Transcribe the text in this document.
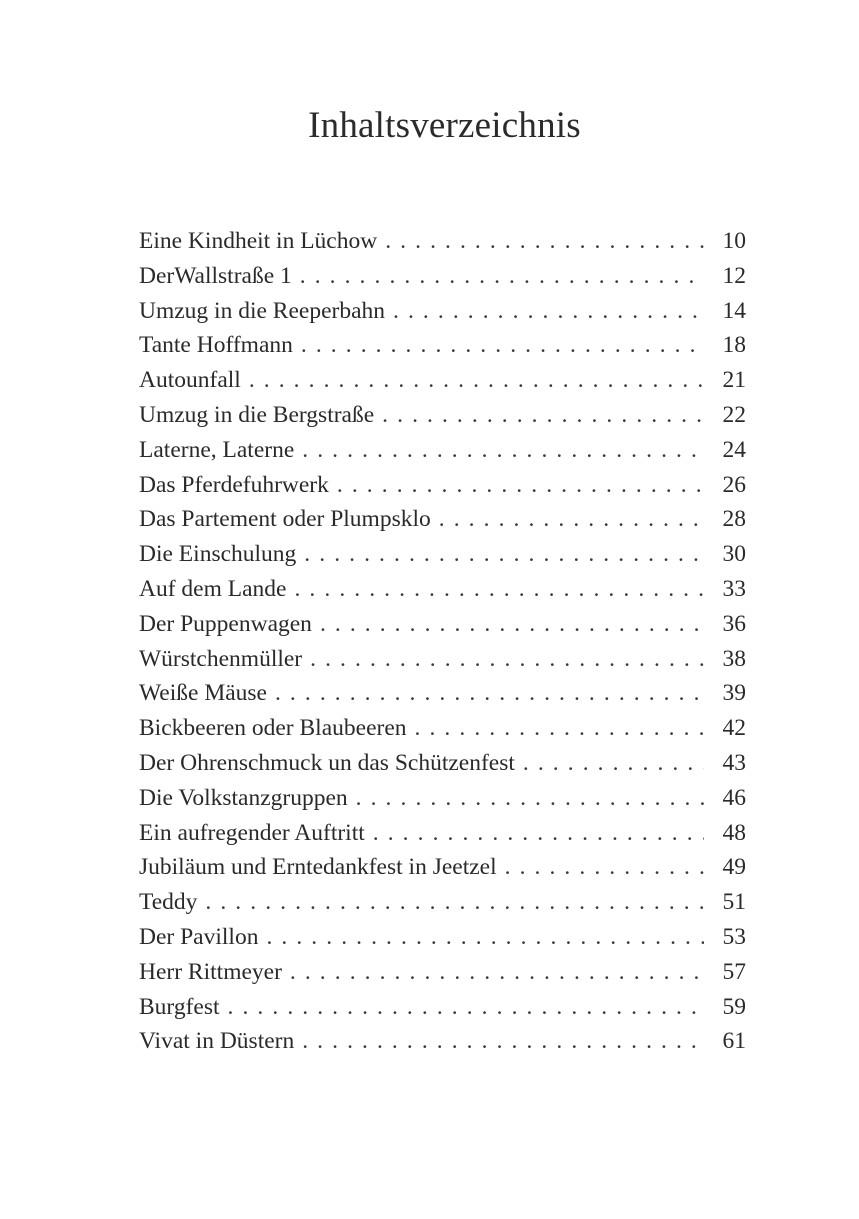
Inhaltsverzeichnis
Eine Kindheit in Lüchow . . .	10
DerWallstraße 1 . . .	12
Umzug in die Reeperbahn . . .	14
Tante Hoffmann . . .	18
Autounfall . . .	21
Umzug in die Bergstraße . . .	22
Laterne, Laterne . . .	24
Das Pferdefuhrwerk . . .	26
Das Partement oder Plumpsklo . . .	28
Die Einschulung . . .	30
Auf dem Lande . . .	33
Der Puppenwagen . . .	36
Würstchenmüller . . .	38
Weiße Mäuse . . .	39
Bickbeeren oder Blaubeeren . . .	42
Der Ohrenschmuck un das Schützenfest . . .	43
Die Volkstanzgruppen . . .	46
Ein aufregender Auftritt . . .	48
Jubiläum und Erntedankfest in Jeetzel . . .	49
Teddy . . .	51
Der Pavillon . . .	53
Herr Rittmeyer . . .	57
Burgfest . . .	59
Vivat in Düstern . . .	61
